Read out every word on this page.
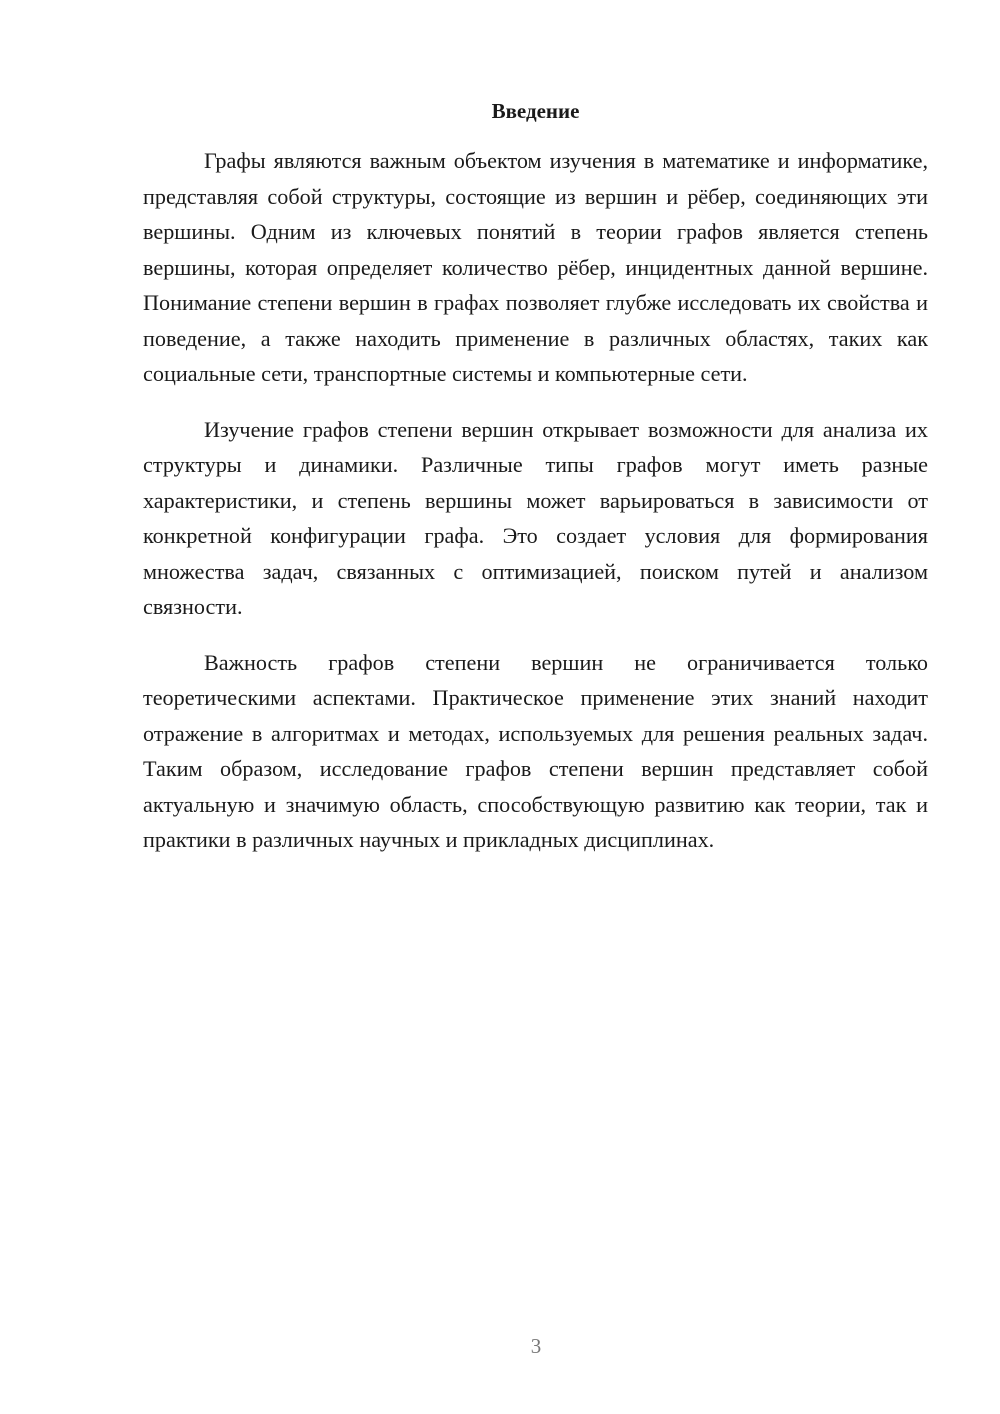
Введение

Графы являются важным объектом изучения в математике и информатике, представляя собой структуры, состоящие из вершин и рёбер, соединяющих эти вершины. Одним из ключевых понятий в теории графов является степень вершины, которая определяет количество рёбер, инцидентных данной вершине. Понимание степени вершин в графах позволяет глубже исследовать их свойства и поведение, а также находить применение в различных областях, таких как социальные сети, транспортные системы и компьютерные сети.

Изучение графов степени вершин открывает возможности для анализа их структуры и динамики. Различные типы графов могут иметь разные характеристики, и степень вершины может варьироваться в зависимости от конкретной конфигурации графа. Это создает условия для формирования множества задач, связанных с оптимизацией, поиском путей и анализом связности.

Важность графов степени вершин не ограничивается только теоретическими аспектами. Практическое применение этих знаний находит отражение в алгоритмах и методах, используемых для решения реальных задач. Таким образом, исследование графов степени вершин представляет собой актуальную и значимую область, способствующую развитию как теории, так и практики в различных научных и прикладных дисциплинах.

3
